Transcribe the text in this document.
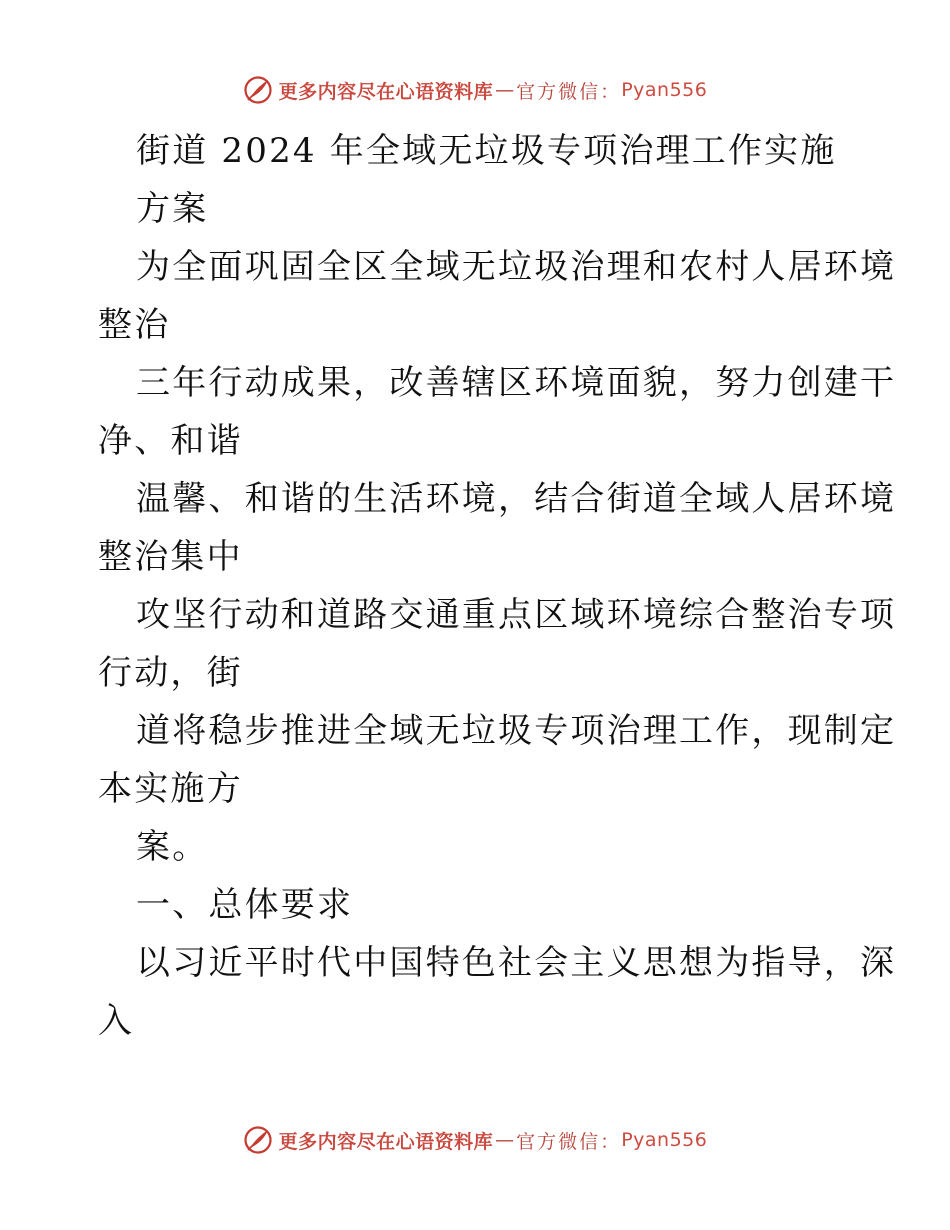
更多内容尽在心语资料库 — 官方微信： Pyan556
街道 2024 年全域无垃圾专项治理工作实施
方案
为全面巩固全区全域无垃圾治理和农村人居环境
整治
三年行动成果，改善辖区环境面貌，努力创建干
净、和谐
温馨、和谐的生活环境，结合街道全域人居环境
整治集中
攻坚行动和道路交通重点区域环境综合整治专项
行动，街
道将稳步推进全域无垃圾专项治理工作，现制定
本实施方
案。
一、总体要求
以习近平时代中国特色社会主义思想为指导，深
入
更多内容尽在心语资料库 — 官方微信： Pyan556
